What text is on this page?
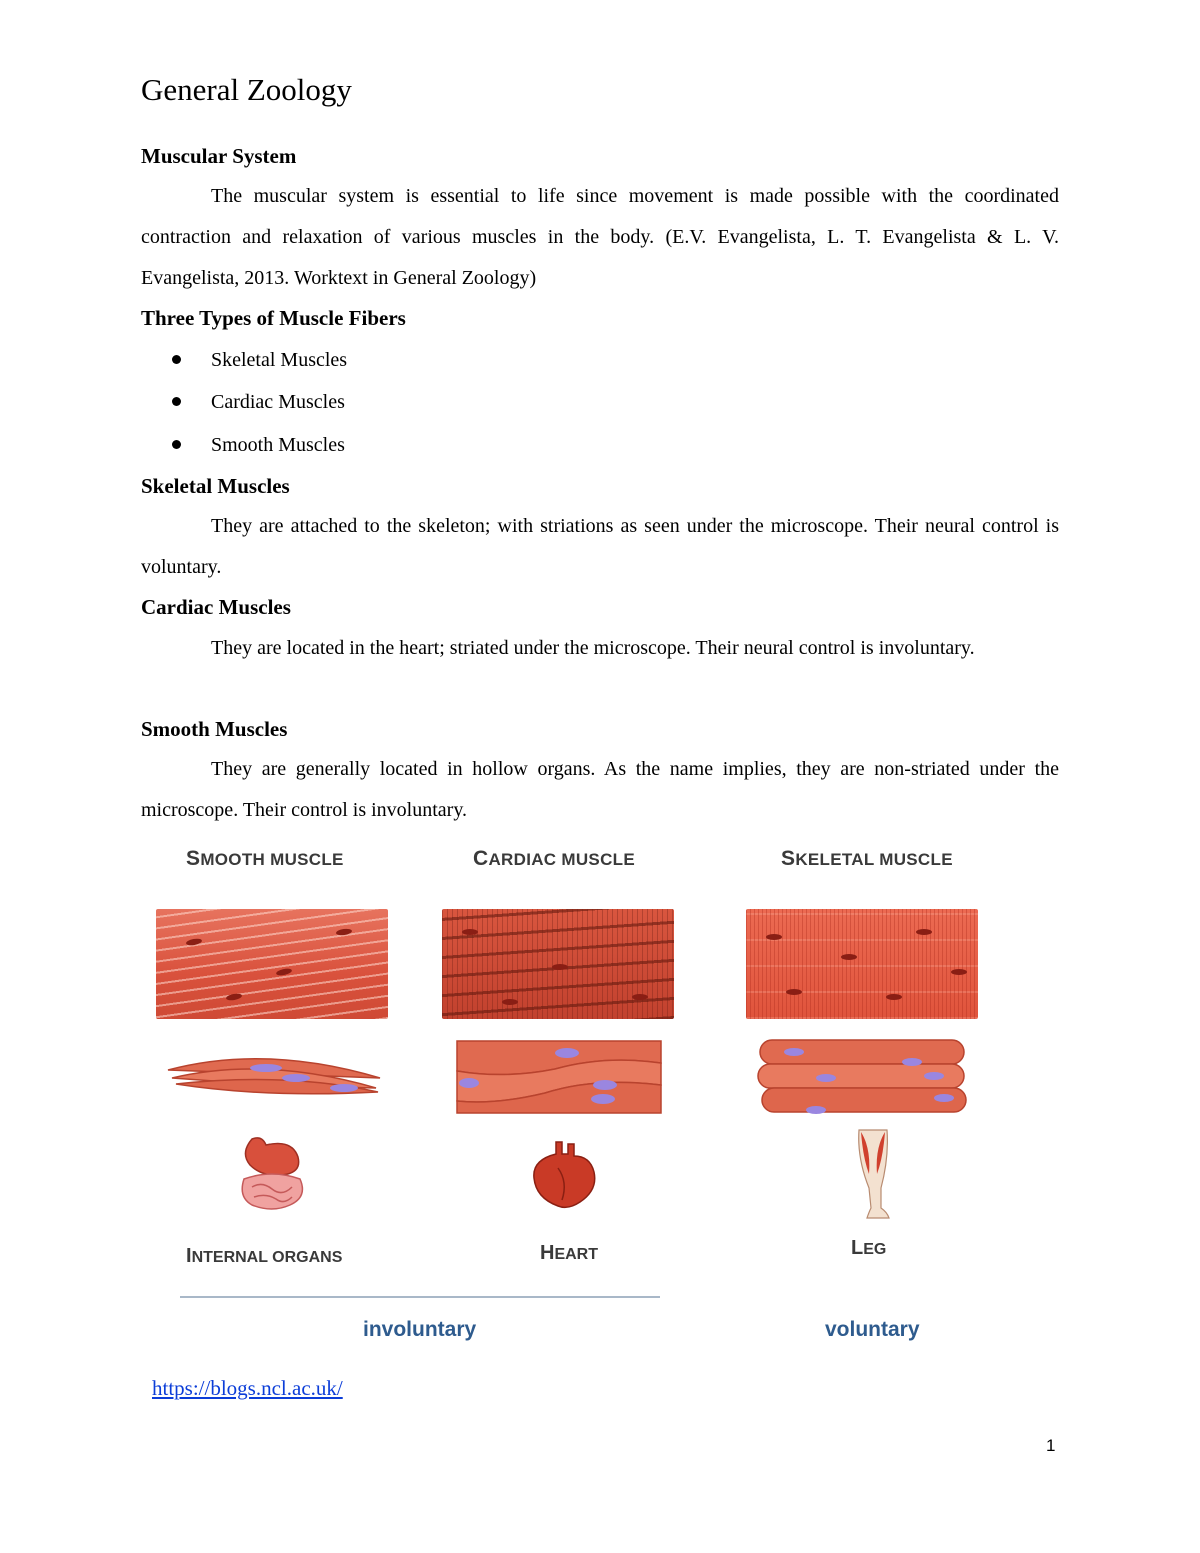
General Zoology
Muscular System
The muscular system is essential to life since movement is made possible with the coordinated contraction and relaxation of various muscles in the body. (E.V. Evangelista, L. T. Evangelista & L. V. Evangelista, 2013. Worktext in General Zoology)
Three Types of Muscle Fibers
Skeletal Muscles
Cardiac Muscles
Smooth Muscles
Skeletal Muscles
They are attached to the skeleton; with striations as seen under the microscope. Their neural control is voluntary.
Cardiac Muscles
They are located in the heart; striated under the microscope. Their neural control is involuntary.
Smooth Muscles
They are generally located in hollow organs. As the name implies, they are non-striated under the microscope. Their control is involuntary.
SMOOTH MUSCLE	CARDIAC MUSCLE	SKELETAL MUSCLE
INTERNAL ORGANS	HEART	LEG
involuntary	voluntary
https://blogs.ncl.ac.uk/
1
